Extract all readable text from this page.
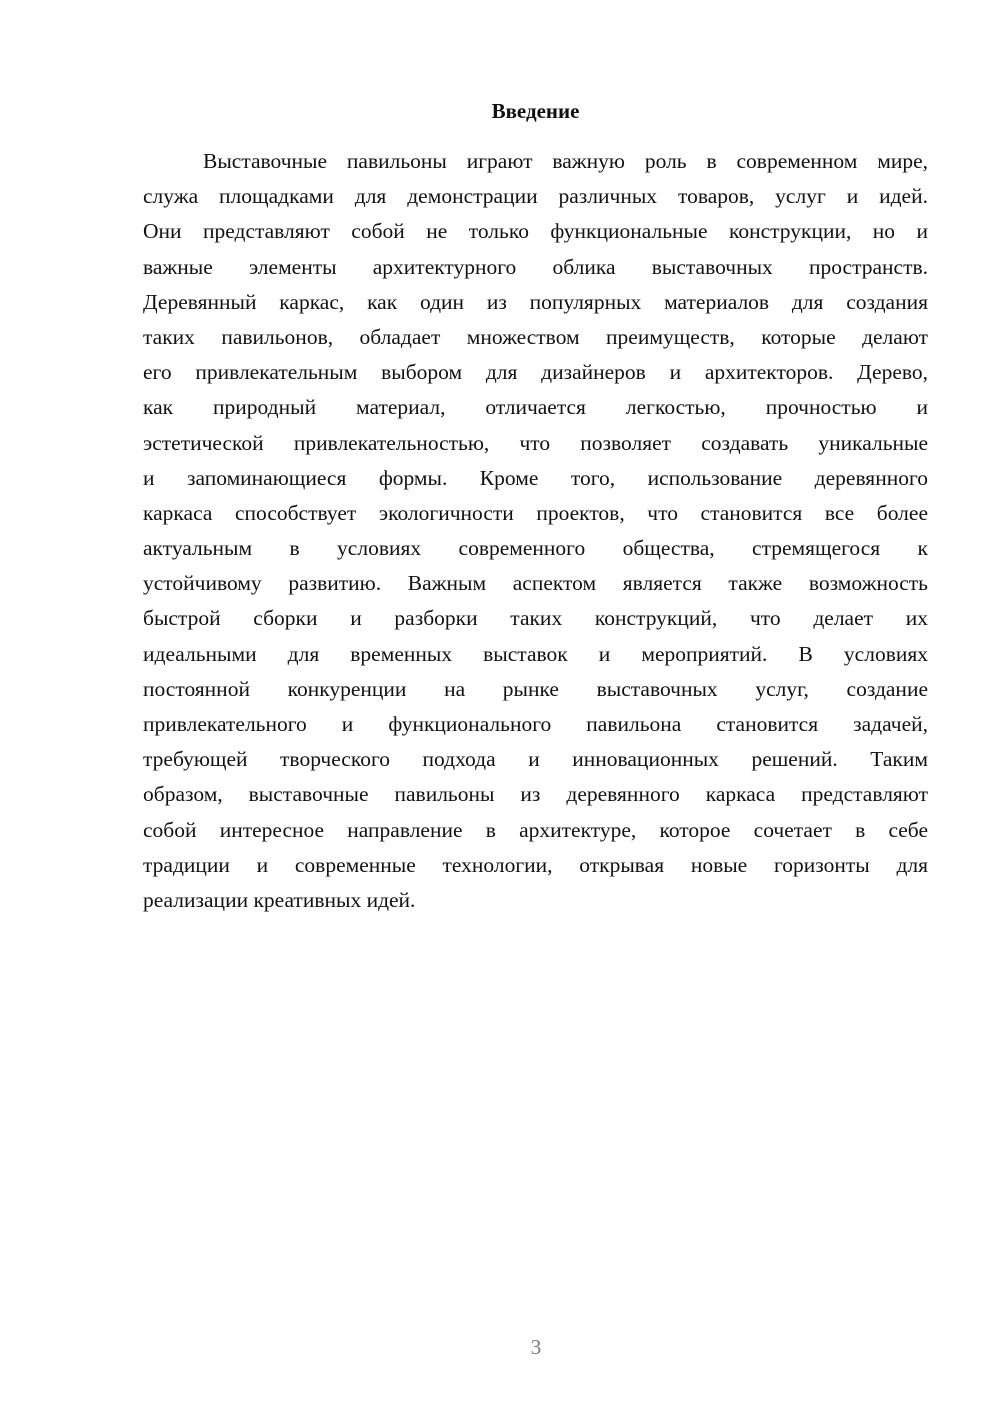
Введение
Выставочные павильоны играют важную роль в современном мире,
служа площадками для демонстрации различных товаров, услуг и идей.
Они представляют собой не только функциональные конструкции, но и
важные элементы архитектурного облика выставочных пространств.
Деревянный каркас, как один из популярных материалов для создания
таких павильонов, обладает множеством преимуществ, которые делают
его привлекательным выбором для дизайнеров и архитекторов. Дерево,
как природный материал, отличается легкостью, прочностью и
эстетической привлекательностью, что позволяет создавать уникальные
и запоминающиеся формы. Кроме того, использование деревянного
каркаса способствует экологичности проектов, что становится все более
актуальным в условиях современного общества, стремящегося к
устойчивому развитию. Важным аспектом является также возможность
быстрой сборки и разборки таких конструкций, что делает их
идеальными для временных выставок и мероприятий. В условиях
постоянной конкуренции на рынке выставочных услуг, создание
привлекательного и функционального павильона становится задачей,
требующей творческого подхода и инновационных решений. Таким
образом, выставочные павильоны из деревянного каркаса представляют
собой интересное направление в архитектуре, которое сочетает в себе
традиции и современные технологии, открывая новые горизонты для
реализации креативных идей.
3
